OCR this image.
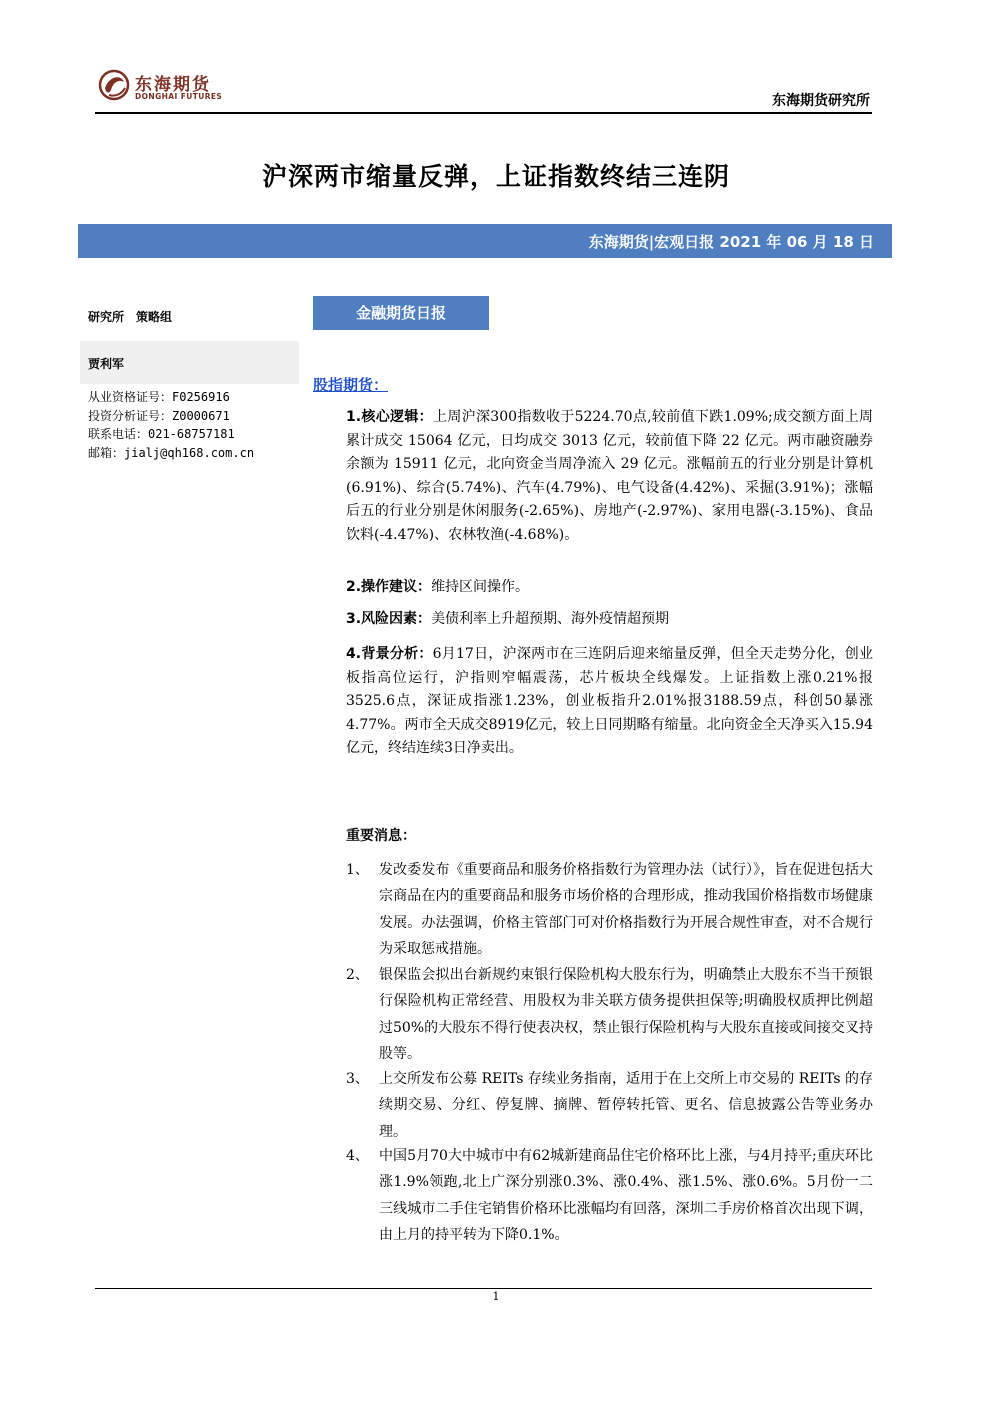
东海期货
DONGHAI FUTURES	东海期货研究所
沪深两市缩量反弹，上证指数终结三连阴
东海期货|宏观日报 2021 年 06 月 18 日
研究所 策略组
贾利军
从业资格证号：F0256916
投资分析证号：Z0000671
联系电话：021-68757181
邮箱：jialj@qh168.com.cn
金融期货日报
股指期货：
1.核心逻辑：上周沪深300指数收于5224.70点,较前值下跌1.09%;成交额方面上周累计成交 15064 亿元，日均成交 3013 亿元，较前值下降 22 亿元。两市融资融券余额为 15911 亿元，北向资金当周净流入 29 亿元。涨幅前五的行业分别是计算机(6.91%)、综合(5.74%)、汽车(4.79%)、电气设备(4.42%)、采掘(3.91%)；涨幅后五的行业分别是休闲服务(-2.65%)、房地产(-2.97%)、家用电器(-3.15%)、食品饮料(-4.47%)、农林牧渔(-4.68%)。
2.操作建议：维持区间操作。
3.风险因素：美债利率上升超预期、海外疫情超预期
4.背景分析：6月17日，沪深两市在三连阴后迎来缩量反弹，但全天走势分化，创业板指高位运行，沪指则窄幅震荡，芯片板块全线爆发。上证指数上涨0.21%报3525.6点，深证成指涨1.23%，创业板指升2.01%报3188.59点，科创50暴涨4.77%。两市全天成交8919亿元，较上日同期略有缩量。北向资金全天净买入15.94亿元，终结连续3日净卖出。
重要消息：
1、 发改委发布《重要商品和服务价格指数行为管理办法（试行）》，旨在促进包括大宗商品在内的重要商品和服务市场价格的合理形成，推动我国价格指数市场健康发展。办法强调，价格主管部门可对价格指数行为开展合规性审查，对不合规行为采取惩戒措施。
2、 银保监会拟出台新规约束银行保险机构大股东行为，明确禁止大股东不当干预银行保险机构正常经营、用股权为非关联方债务提供担保等;明确股权质押比例超过50%的大股东不得行使表决权，禁止银行保险机构与大股东直接或间接交叉持股等。
3、 上交所发布公募 REITs 存续业务指南，适用于在上交所上市交易的 REITs 的存续期交易、分红、停复牌、摘牌、暂停转托管、更名、信息披露公告等业务办理。
4、 中国5月70大中城市中有62城新建商品住宅价格环比上涨，与4月持平;重庆环比涨1.9%领跑,北上广深分别涨0.3%、涨0.4%、涨1.5%、涨0.6%。5月份一二三线城市二手住宅销售价格环比涨幅均有回落，深圳二手房价格首次出现下调，由上月的持平转为下降0.1%。
1
